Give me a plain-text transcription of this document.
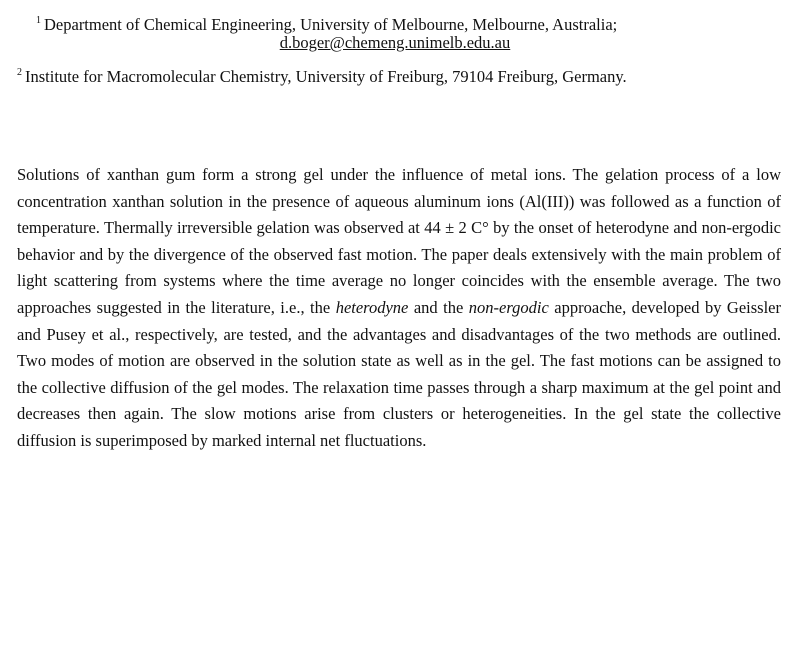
$^1$ Department of Chemical Engineering, University of Melbourne, Melbourne, Australia;
d.boger@chemeng.unimelb.edu.au
$^2$ Institute for Macromolecular Chemistry, University of Freiburg, 79104 Freiburg, Germany.

Solutions of xanthan gum form a strong gel under the influence of metal ions. The gelation process of a low concentration xanthan solution in the presence of aqueous aluminum ions (Al(III)) was followed as a function of temperature. Thermally irreversible gelation was observed at 44 ± 2 C° by the onset of heterodyne and non-ergodic behavior and by the divergence of the observed fast motion. The paper deals extensively with the main problem of light scattering from systems where the time average no longer coincides with the ensemble average. The two approaches suggested in the literature, i.e., the heterodyne and the non-ergodic approache, developed by Geissler and Pusey et al., respectively, are tested, and the advantages and disadvantages of the two methods are outlined. Two modes of motion are observed in the solution state as well as in the gel. The fast motions can be assigned to the collective diffusion of the gel modes. The relaxation time passes through a sharp maximum at the gel point and decreases then again. The slow motions arise from clusters or heterogeneities. In the gel state the collective diffusion is superimposed by marked internal net fluctuations.
